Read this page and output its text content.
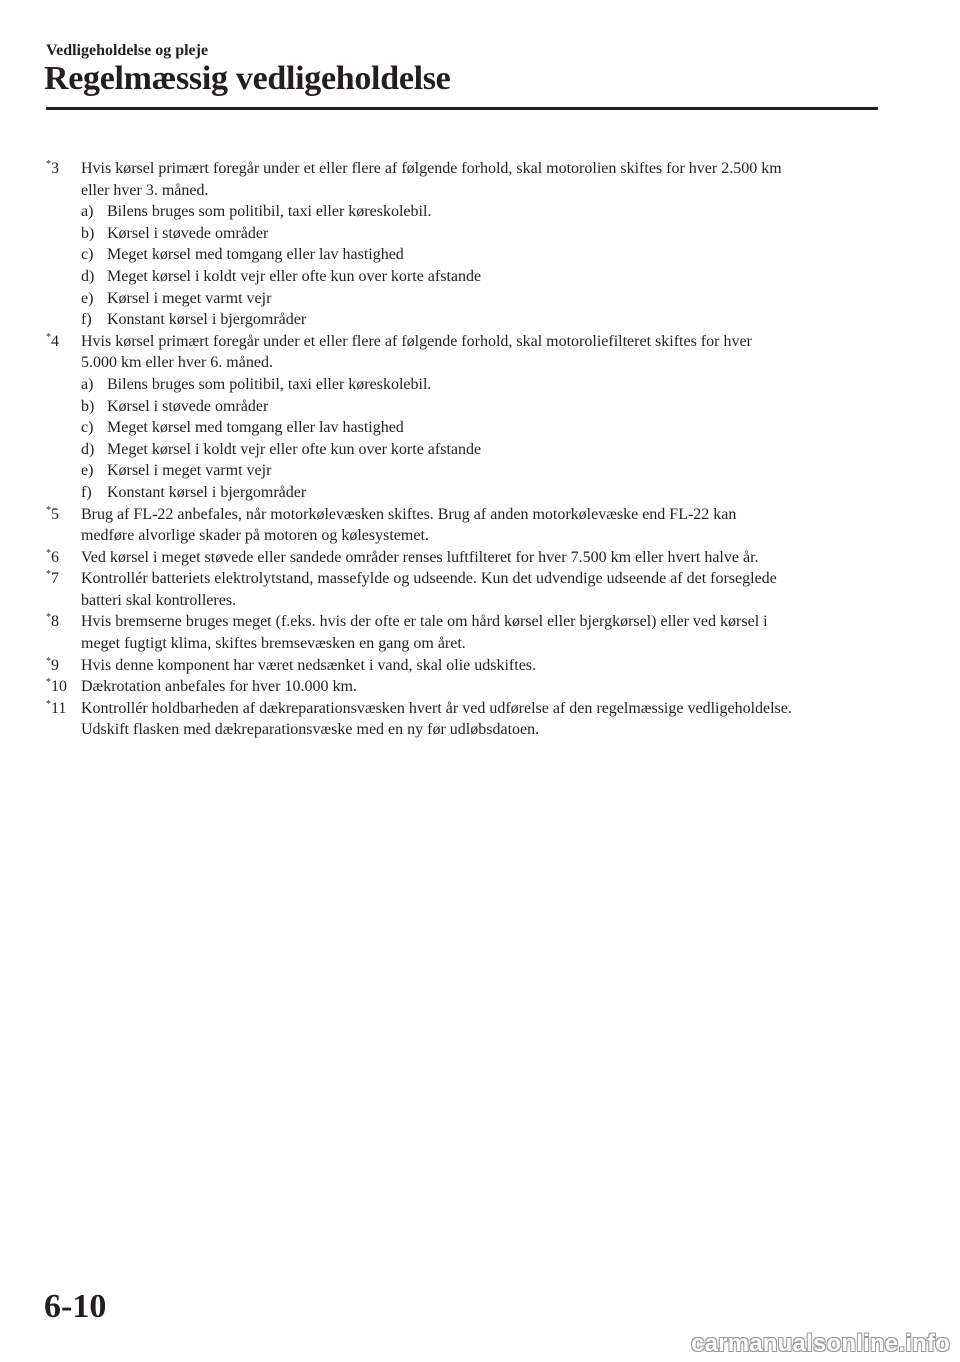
Vedligeholdelse og pleje
Regelmæssig vedligeholdelse
*3	Hvis kørsel primært foregår under et eller flere af følgende forhold, skal motorolien skiftes for hver 2.500 km
eller hver 3. måned.
a) Bilens bruges som politibil, taxi eller køreskolebil.
b) Kørsel i støvede områder
c) Meget kørsel med tomgang eller lav hastighed
d) Meget kørsel i koldt vejr eller ofte kun over korte afstande
e) Kørsel i meget varmt vejr
f) Konstant kørsel i bjergområder
*4	Hvis kørsel primært foregår under et eller flere af følgende forhold, skal motoroliefilteret skiftes for hver
5.000 km eller hver 6. måned.
a) Bilens bruges som politibil, taxi eller køreskolebil.
b) Kørsel i støvede områder
c) Meget kørsel med tomgang eller lav hastighed
d) Meget kørsel i koldt vejr eller ofte kun over korte afstande
e) Kørsel i meget varmt vejr
f) Konstant kørsel i bjergområder
*5	Brug af FL-22 anbefales, når motorkølevæsken skiftes. Brug af anden motorkølevæske end FL-22 kan
medføre alvorlige skader på motoren og kølesystemet.
*6	Ved kørsel i meget støvede eller sandede områder renses luftfilteret for hver 7.500 km eller hvert halve år.
*7	Kontrollér batteriets elektrolytstand, massefylde og udseende. Kun det udvendige udseende af det forseglede
batteri skal kontrolleres.
*8	Hvis bremserne bruges meget (f.eks. hvis der ofte er tale om hård kørsel eller bjergkørsel) eller ved kørsel i
meget fugtigt klima, skiftes bremsevæsken en gang om året.
*9	Hvis denne komponent har været nedsænket i vand, skal olie udskiftes.
*10 Dækrotation anbefales for hver 10.000 km.
*11 Kontrollér holdbarheden af dækreparationsvæsken hvert år ved udførelse af den regelmæssige vedligeholdelse.
Udskift flasken med dækreparationsvæske med en ny før udløbsdatoen.
6-10
carmanualsonline.info
